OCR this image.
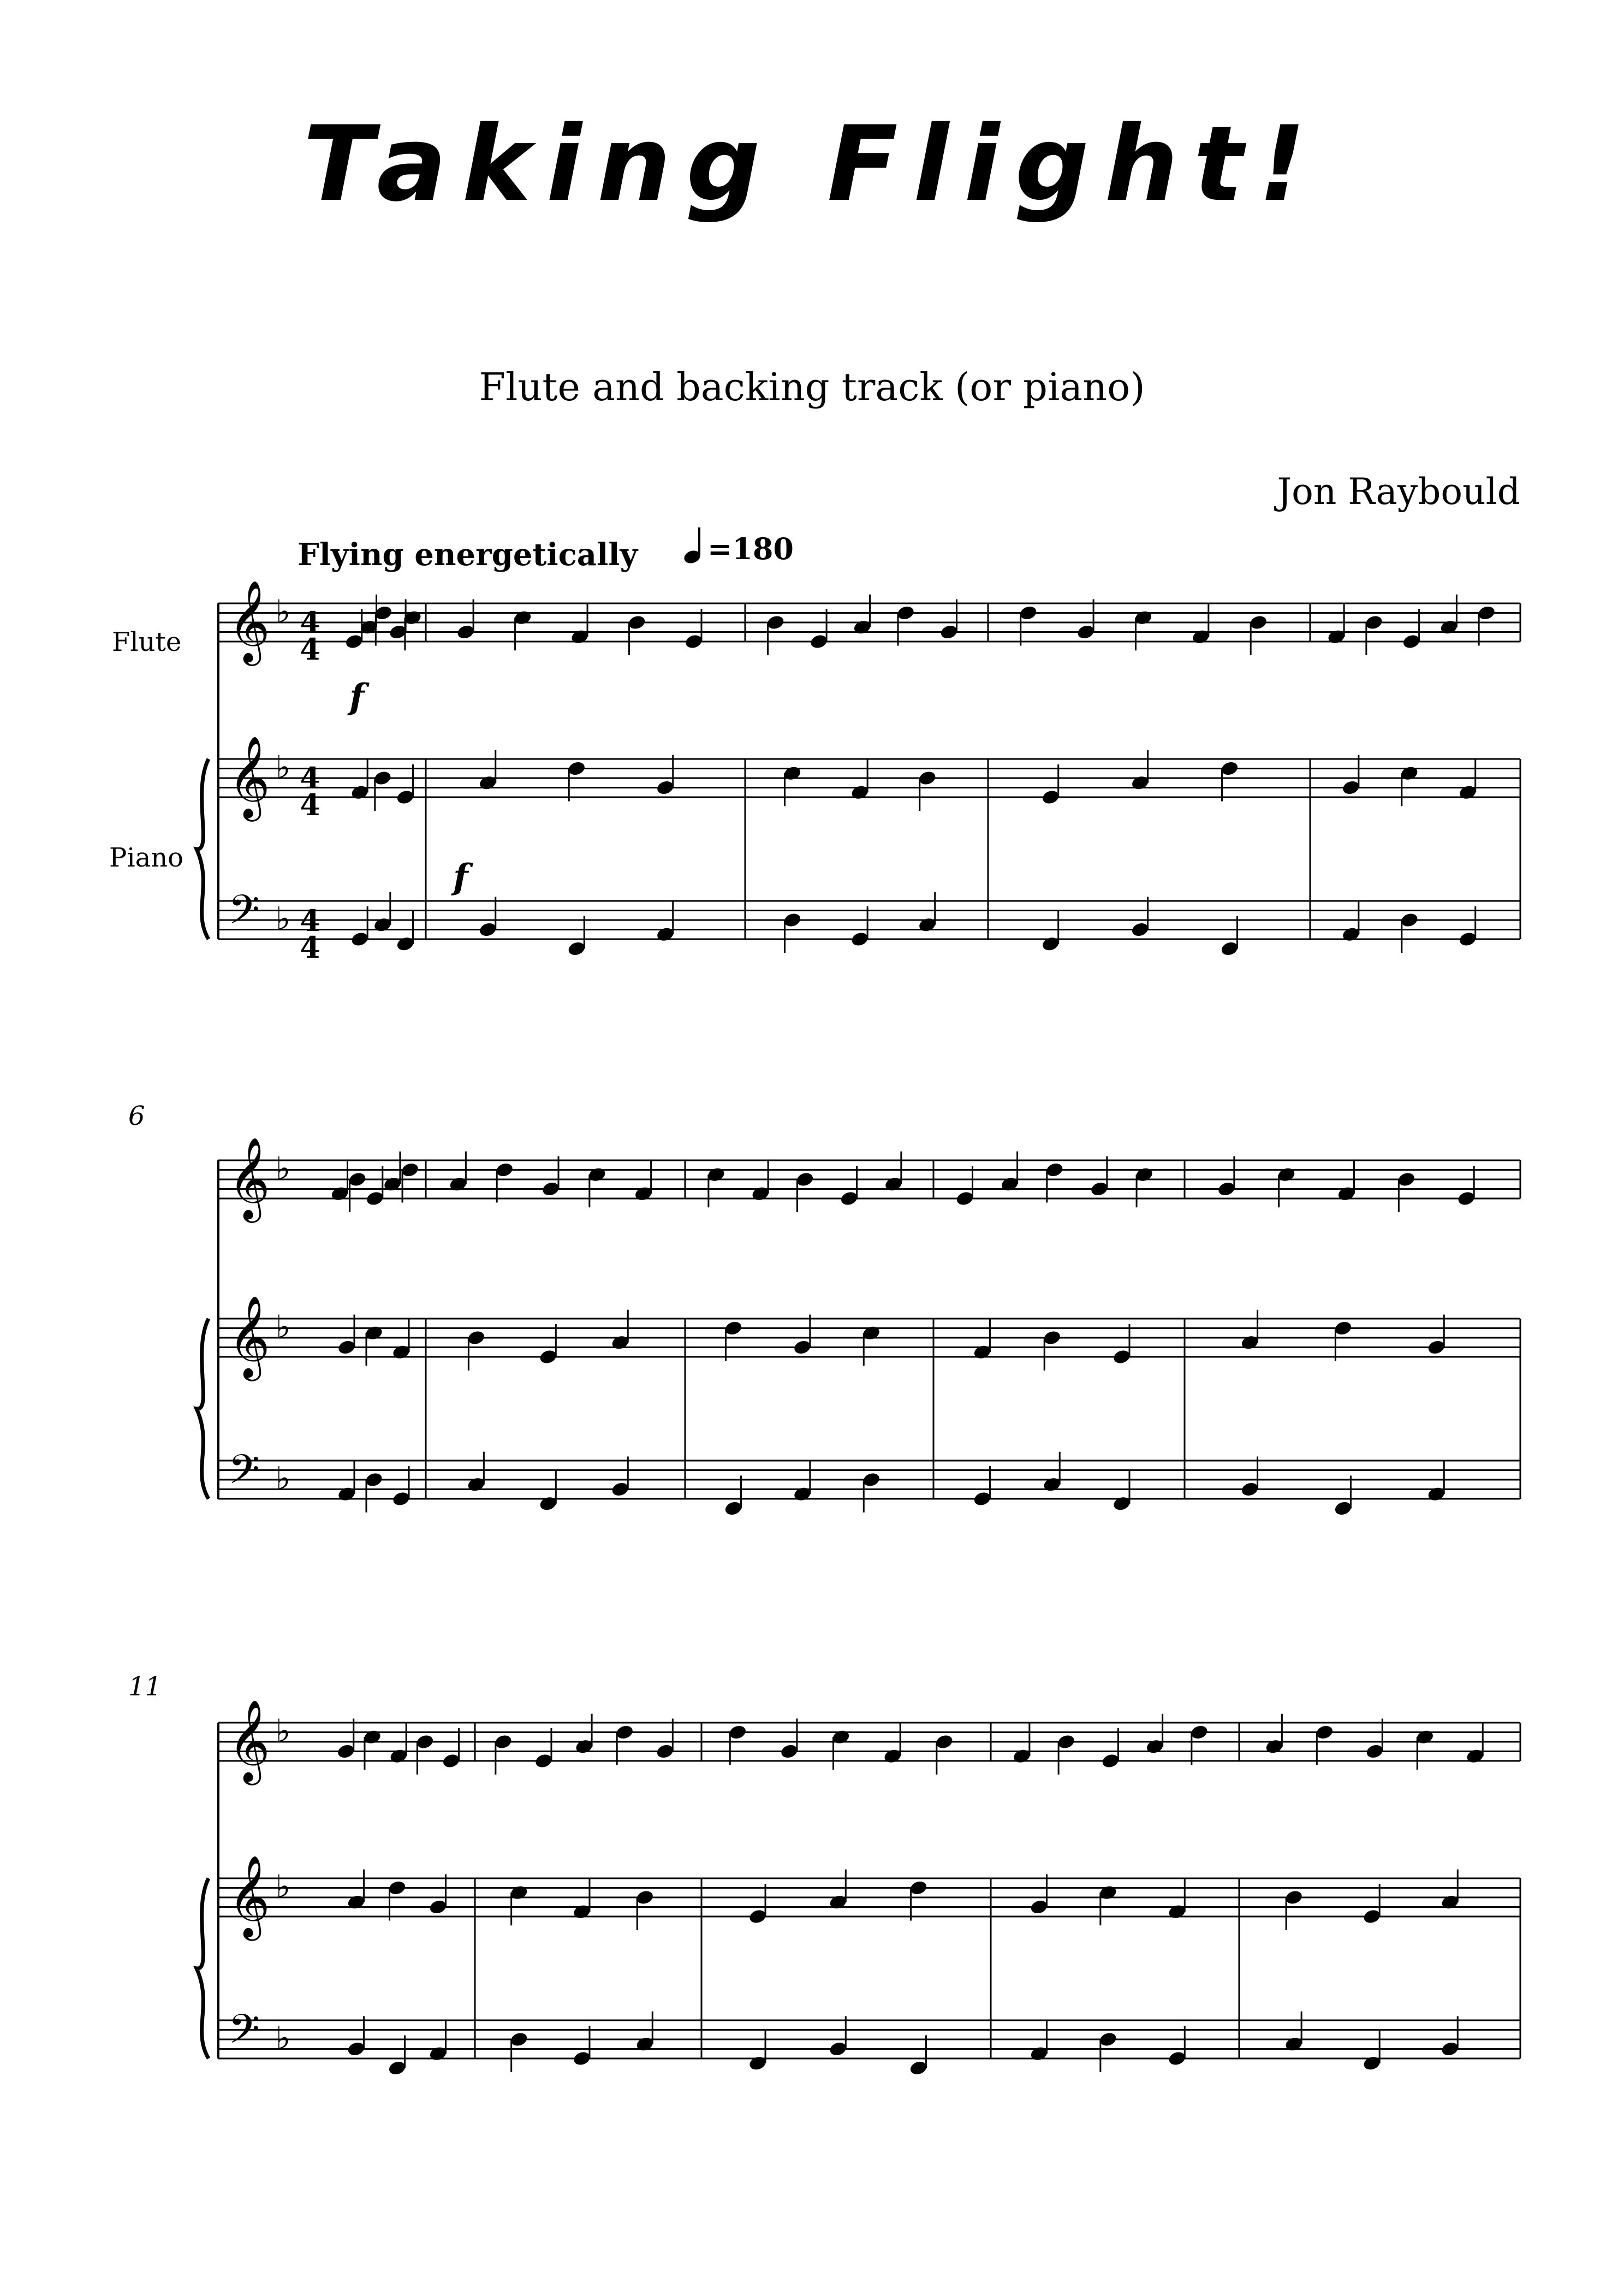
Taking Flight!
Flute and backing track (or piano)
Jon Raybould
Flying energetically =180
Flute
Piano
6
11
f
f
4
4
4
4
4
4
𝄞 ♭
𝄞 ♭
𝄢 ♭
𝄞 ♭
𝄞 ♭
𝄢 ♭
𝄞 ♭
𝄞 ♭
𝄢 ♭
